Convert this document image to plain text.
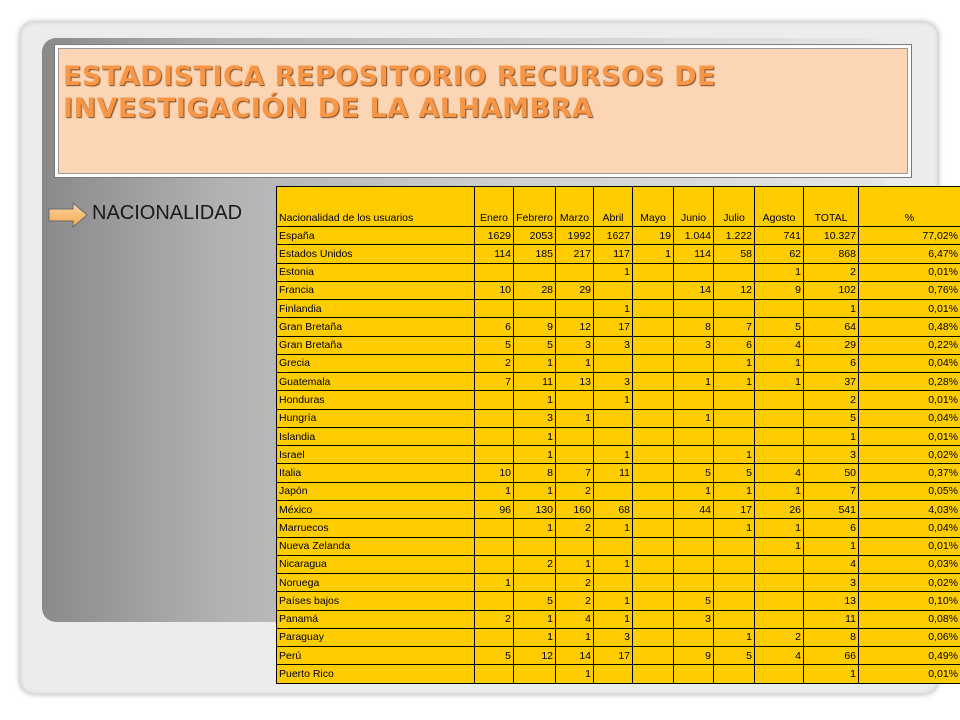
ESTADISTICA REPOSITORIO RECURSOS DE INVESTIGACIÓN DE LA ALHAMBRA
NACIONALIDAD	Nacionalidad de los usuarios	Enero	Febrero	Marzo	Abril	Mayo	Junio	Julio	Agosto	TOTAL	%
España	1629	2053	1992	1627	19	1.044	1.222	741	10.327	77,02%
Estados Unidos	114	185	217	117	1	114	58	62	868	6,47%
Estonia				1				1	2	0,01%
Francia	10	28	29			14	12	9	102	0,76%
Finlandia				1					1	0,01%
Gran Bretaña	6	9	12	17		8	7	5	64	0,48%
Gran Bretaña	5	5	3	3		3	6	4	29	0,22%
Grecia	2	1	1				1	1	6	0,04%
Guatemala	7	11	13	3		1	1	1	37	0,28%
Honduras		1		1					2	0,01%
Hungría		3	1			1			5	0,04%
Islandia		1							1	0,01%
Israel		1		1			1		3	0,02%
Italia	10	8	7	11		5	5	4	50	0,37%
Japón	1	1	2			1	1	1	7	0,05%
México	96	130	160	68		44	17	26	541	4,03%
Marruecos		1	2	1			1	1	6	0,04%
Nueva Zelanda								1	1	0,01%
Nicaragua		2	1	1					4	0,03%
Noruega	1		2						3	0,02%
Países bajos		5	2	1		5			13	0,10%
Panamá	2	1	4	1		3			11	0,08%
Paraguay		1	1	3			1	2	8	0,06%
Perú	5	12	14	17		9	5	4	66	0,49%
Puerto Rico			1						1	0,01%
